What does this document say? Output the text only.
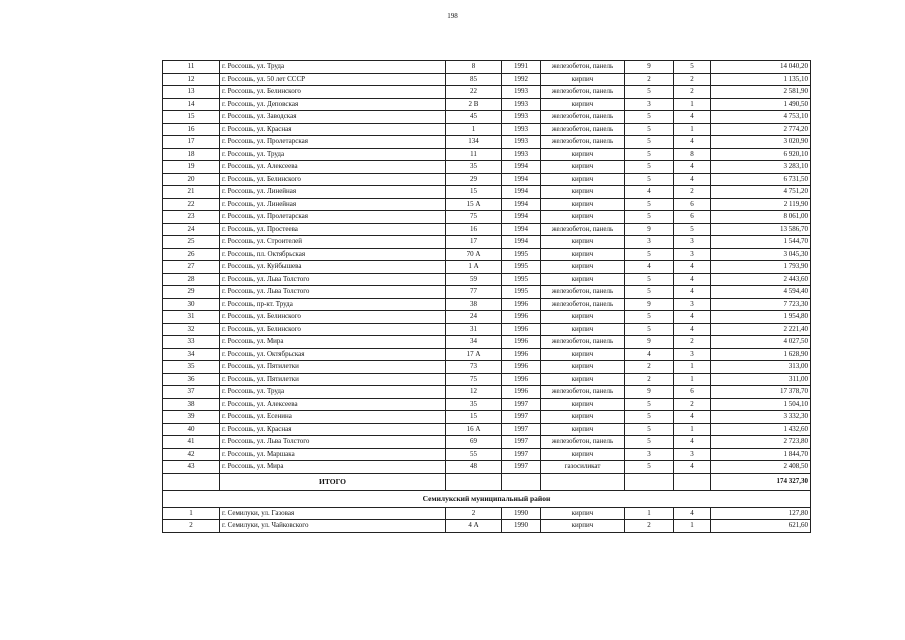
198
11	г. Россошь, ул. Труда	8	1991	железобетон, панель	9	5	14 040,20
12	г. Россошь, ул. 50 лет СССР	85	1992	кирпич	2	2	1 135,10
13	г. Россошь, ул. Белинского	22	1993	железобетон, панель	5	2	2 581,90
14	г. Россошь, ул. Деповская	2 В	1993	кирпич	3	1	1 490,50
15	г. Россошь, ул. Заводская	45	1993	железобетон, панель	5	4	4 753,10
16	г. Россошь, ул. Красная	1	1993	железобетон, панель	5	1	2 774,20
17	г. Россошь, ул. Пролетарская	134	1993	железобетон, панель	5	4	3 020,90
18	г. Россошь, ул. Труда	11	1993	кирпич	5	8	6 920,10
19	г. Россошь, ул. Алексеева	35	1994	кирпич	5	4	3 283,10
20	г. Россошь, ул. Белинского	29	1994	кирпич	5	4	6 731,50
21	г. Россошь, ул. Линейная	15	1994	кирпич	4	2	4 751,20
22	г. Россошь, ул. Линейная	15 А	1994	кирпич	5	6	2 119,90
23	г. Россошь, ул. Пролетарская	75	1994	кирпич	5	6	8 061,00
24	г. Россошь, ул. Простеева	16	1994	железобетон, панель	9	5	13 586,70
25	г. Россошь, ул. Строителей	17	1994	кирпич	3	3	1 544,70
26	г. Россошь, пл. Октябрьская	70 А	1995	кирпич	5	3	3 045,30
27	г. Россошь, ул. Куйбышева	1 А	1995	кирпич	4	4	1 793,90
28	г. Россошь, ул. Льва Толстого	59	1995	кирпич	5	4	2 443,60
29	г. Россошь, ул. Льва Толстого	77	1995	железобетон, панель	5	4	4 594,40
30	г. Россошь, пр-кт. Труда	38	1996	железобетон, панель	9	3	7 723,30
31	г. Россошь, ул. Белинского	24	1996	кирпич	5	4	1 954,80
32	г. Россошь, ул. Белинского	31	1996	кирпич	5	4	2 221,40
33	г. Россошь, ул. Мира	34	1996	железобетон, панель	9	2	4 027,50
34	г. Россошь, ул. Октябрьская	17 А	1996	кирпич	4	3	1 628,90
35	г. Россошь, ул. Пятилетки	73	1996	кирпич	2	1	313,00
36	г. Россошь, ул. Пятилетки	75	1996	кирпич	2	1	311,00
37	г. Россошь, ул. Труда	12	1996	железобетон, панель	9	6	17 378,70
38	г. Россошь, ул. Алексеева	35	1997	кирпич	5	2	1 504,10
39	г. Россошь, ул. Есенина	15	1997	кирпич	5	4	3 332,30
40	г. Россошь, ул. Красная	16 А	1997	кирпич	5	1	1 432,60
41	г. Россошь, ул. Льва Толстого	69	1997	железобетон, панель	5	4	2 723,80
42	г. Россошь, ул. Маршака	55	1997	кирпич	3	3	1 844,70
43	г. Россошь, ул. Мира	48	1997	газосиликат	5	4	2 408,50
	ИТОГО						174 327,30
Семилукский муниципальный район							
1	г. Семилуки, ул. Газовая	2	1990	кирпич	1	4	127,80
2	г. Семилуки, ул. Чайковского	4 А	1990	кирпич	2	1	621,60
